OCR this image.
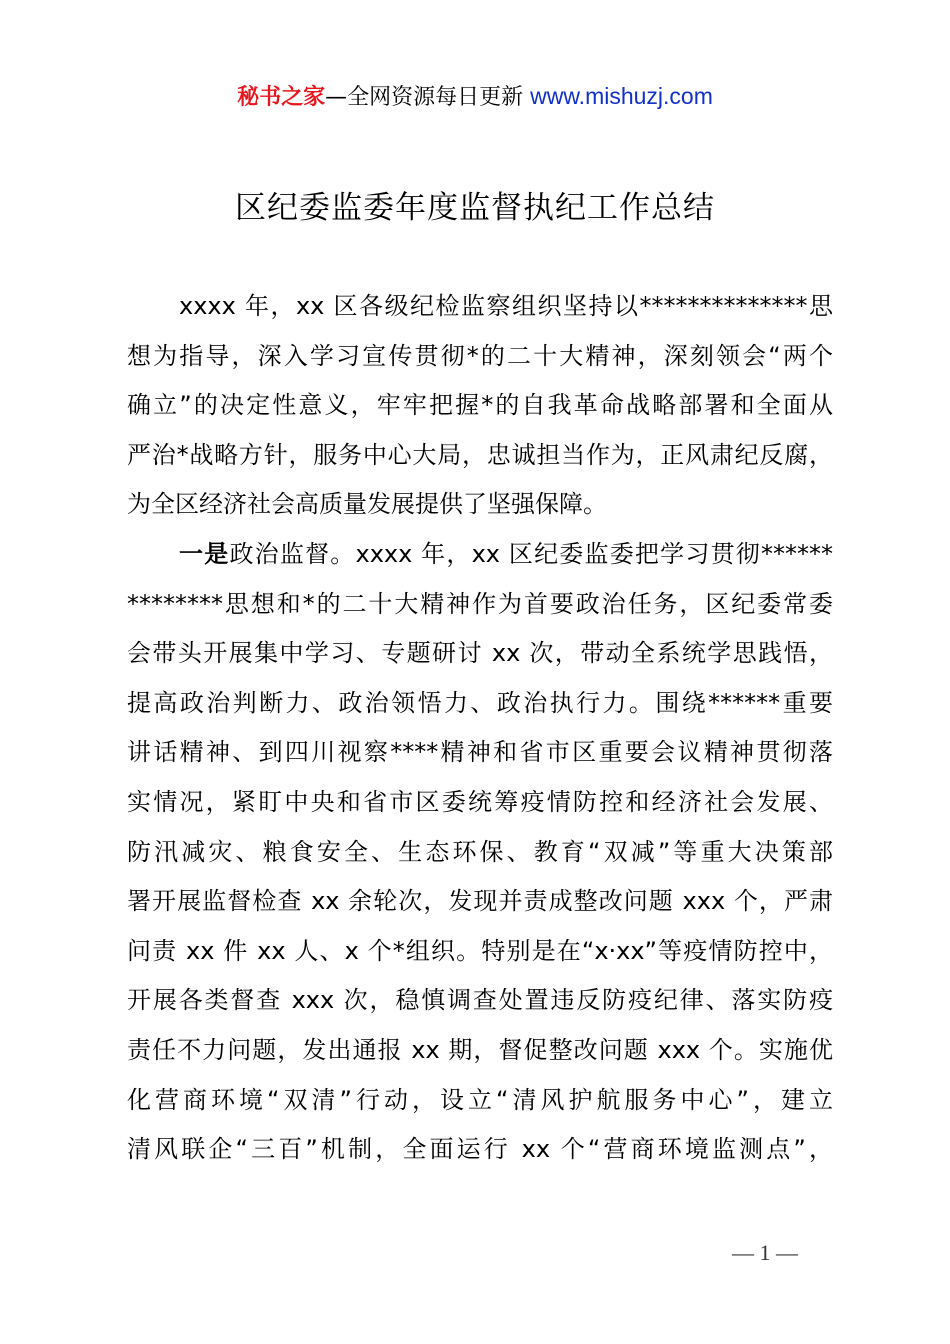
秘书之家—全网资源每日更新 www.mishuzj.com
区纪委监委年度监督执纪工作总结
xxxx 年，xx 区各级纪检监察组织坚持以**************思
想为指导，深入学习宣传贯彻*的二十大精神，深刻领会“两个
确立”的决定性意义，牢牢把握*的自我革命战略部署和全面从
严治*战略方针，服务中心大局，忠诚担当作为，正风肃纪反腐，
为全区经济社会高质量发展提供了坚强保障。
一是政治监督。xxxx 年，xx 区纪委监委把学习贯彻******
********思想和*的二十大精神作为首要政治任务，区纪委常委
会带头开展集中学习、专题研讨 xx 次，带动全系统学思践悟，
提高政治判断力、政治领悟力、政治执行力。围绕******重要
讲话精神、到四川视察****精神和省市区重要会议精神贯彻落
实情况，紧盯中央和省市区委统筹疫情防控和经济社会发展、
防汛减灾、粮食安全、生态环保、教育“双减”等重大决策部
署开展监督检查 xx 余轮次，发现并责成整改问题 xxx 个，严肃
问责 xx 件 xx 人、x 个*组织。特别是在“x·xx”等疫情防控中，
开展各类督查 xxx 次，稳慎调查处置违反防疫纪律、落实防疫
责任不力问题，发出通报 xx 期，督促整改问题 xxx 个。实施优
化营商环境“双清”行动，设立“清风护航服务中心”，建立
清风联企“三百”机制，全面运行 xx 个“营商环境监测点”，
— 1 —
